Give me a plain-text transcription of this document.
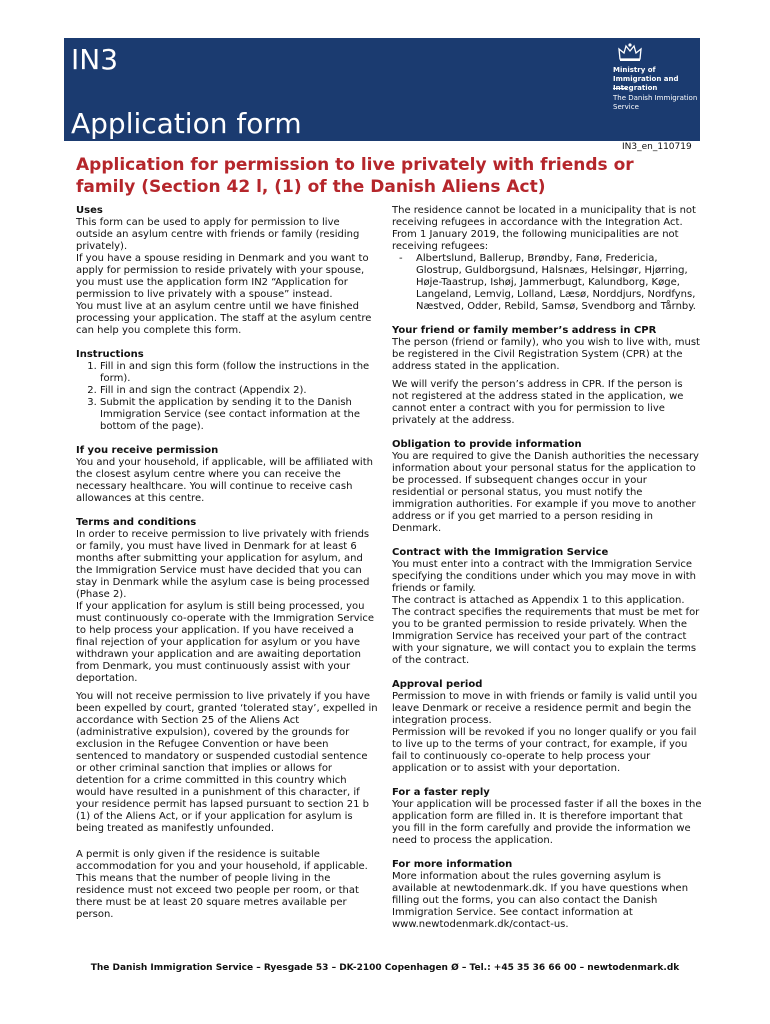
IN3
Application form
Ministry of Immigration and Integration
The Danish Immigration Service
IN3_en_110719
Application for permission to live privately with friends or family (Section 42 l, (1) of the Danish Aliens Act)
Uses

This form can be used to apply for permission to live outside an asylum centre with friends or family (residing privately).

If you have a spouse residing in Denmark and you want to apply for permission to reside privately with your spouse, you must use the application form IN2 “Application for permission to live privately with a spouse” instead.

You must live at an asylum centre until we have finished processing your application. The staff at the asylum centre can help you complete this form.

Instructions
1. Fill in and sign this form (follow the instructions in the form).
2. Fill in and sign the contract (Appendix 2).
3. Submit the application by sending it to the Danish Immigration Service (see contact information at the bottom of the page).
If you receive permission

You and your household, if applicable, will be affiliated with the closest asylum centre where you can receive the necessary healthcare. You will continue to receive cash allowances at this centre.

Terms and conditions

In order to receive permission to live privately with friends or family, you must have lived in Denmark for at least 6 months after submitting your application for asylum, and the Immigration Service must have decided that you can stay in Denmark while the asylum case is being processed (Phase 2).

If your application for asylum is still being processed, you must continuously co-operate with the Immigration Service to help process your application. If you have received a final rejection of your application for asylum or you have withdrawn your application and are awaiting deportation from Denmark, you must continuously assist with your deportation.

You will not receive permission to live privately if you have been expelled by court, granted ‘tolerated stay’, expelled in accordance with Section 25 of the Aliens Act (administrative expulsion), covered by the grounds for exclusion in the Refugee Convention or have been sentenced to mandatory or suspended custodial sentence or other criminal sanction that implies or allows for detention for a crime committed in this country which would have resulted in a punishment of this character, if your residence permit has lapsed pursuant to section 21 b (1) of the Aliens Act, or if your application for asylum is being treated as manifestly unfounded.

A permit is only given if the residence is suitable accommodation for you and your household, if applicable. This means that the number of people living in the residence must not exceed two people per room, or that there must be at least 20 square metres available per person.

The residence cannot be located in a municipality that is not receiving refugees in accordance with the Integration Act. From 1 January 2019, the following municipalities are not receiving refugees:

- Albertslund, Ballerup, Brøndby, Fanø, Fredericia, Glostrup, Guldborgsund, Halsnæs, Helsingør, Hjørring, Høje-Taastrup, Ishøj, Jammerbugt, Kalundborg, Køge, Langeland, Lemvig, Lolland, Læsø, Norddjurs, Nordfyns, Næstved, Odder, Rebild, Samsø, Svendborg and Tårnby.
Your friend or family member’s address in CPR

The person (friend or family), who you wish to live with, must be registered in the Civil Registration System (CPR) at the address stated in the application.

We will verify the person’s address in CPR. If the person is not registered at the address stated in the application, we cannot enter a contract with you for permission to live privately at the address.

Obligation to provide information

You are required to give the Danish authorities the necessary information about your personal status for the application to be processed. If subsequent changes occur in your residential or personal status, you must notify the immigration authorities. For example if you move to another address or if you get married to a person residing in Denmark.

Contract with the Immigration Service

You must enter into a contract with the Immigration Service specifying the conditions under which you may move in with friends or family.

The contract is attached as Appendix 1 to this application. The contract specifies the requirements that must be met for you to be granted permission to reside privately. When the Immigration Service has received your part of the contract with your signature, we will contact you to explain the terms of the contract.

Approval period

Permission to move in with friends or family is valid until you leave Denmark or receive a residence permit and begin the integration process.

Permission will be revoked if you no longer qualify or you fail to live up to the terms of your contract, for example, if you fail to continuously co-operate to help process your application or to assist with your deportation.

For a faster reply

Your application will be processed faster if all the boxes in the application form are filled in. It is therefore important that you fill in the form carefully and provide the information we need to process the application.

For more information

More information about the rules governing asylum is available at newtodenmark.dk. If you have questions when filling out the forms, you can also contact the Danish Immigration Service. See contact information at www.newtodenmark.dk/contact-us.

The Danish Immigration Service – Ryesgade 53 – DK-2100 Copenhagen Ø – Tel.: +45 35 36 66 00 – newtodenmark.dk
